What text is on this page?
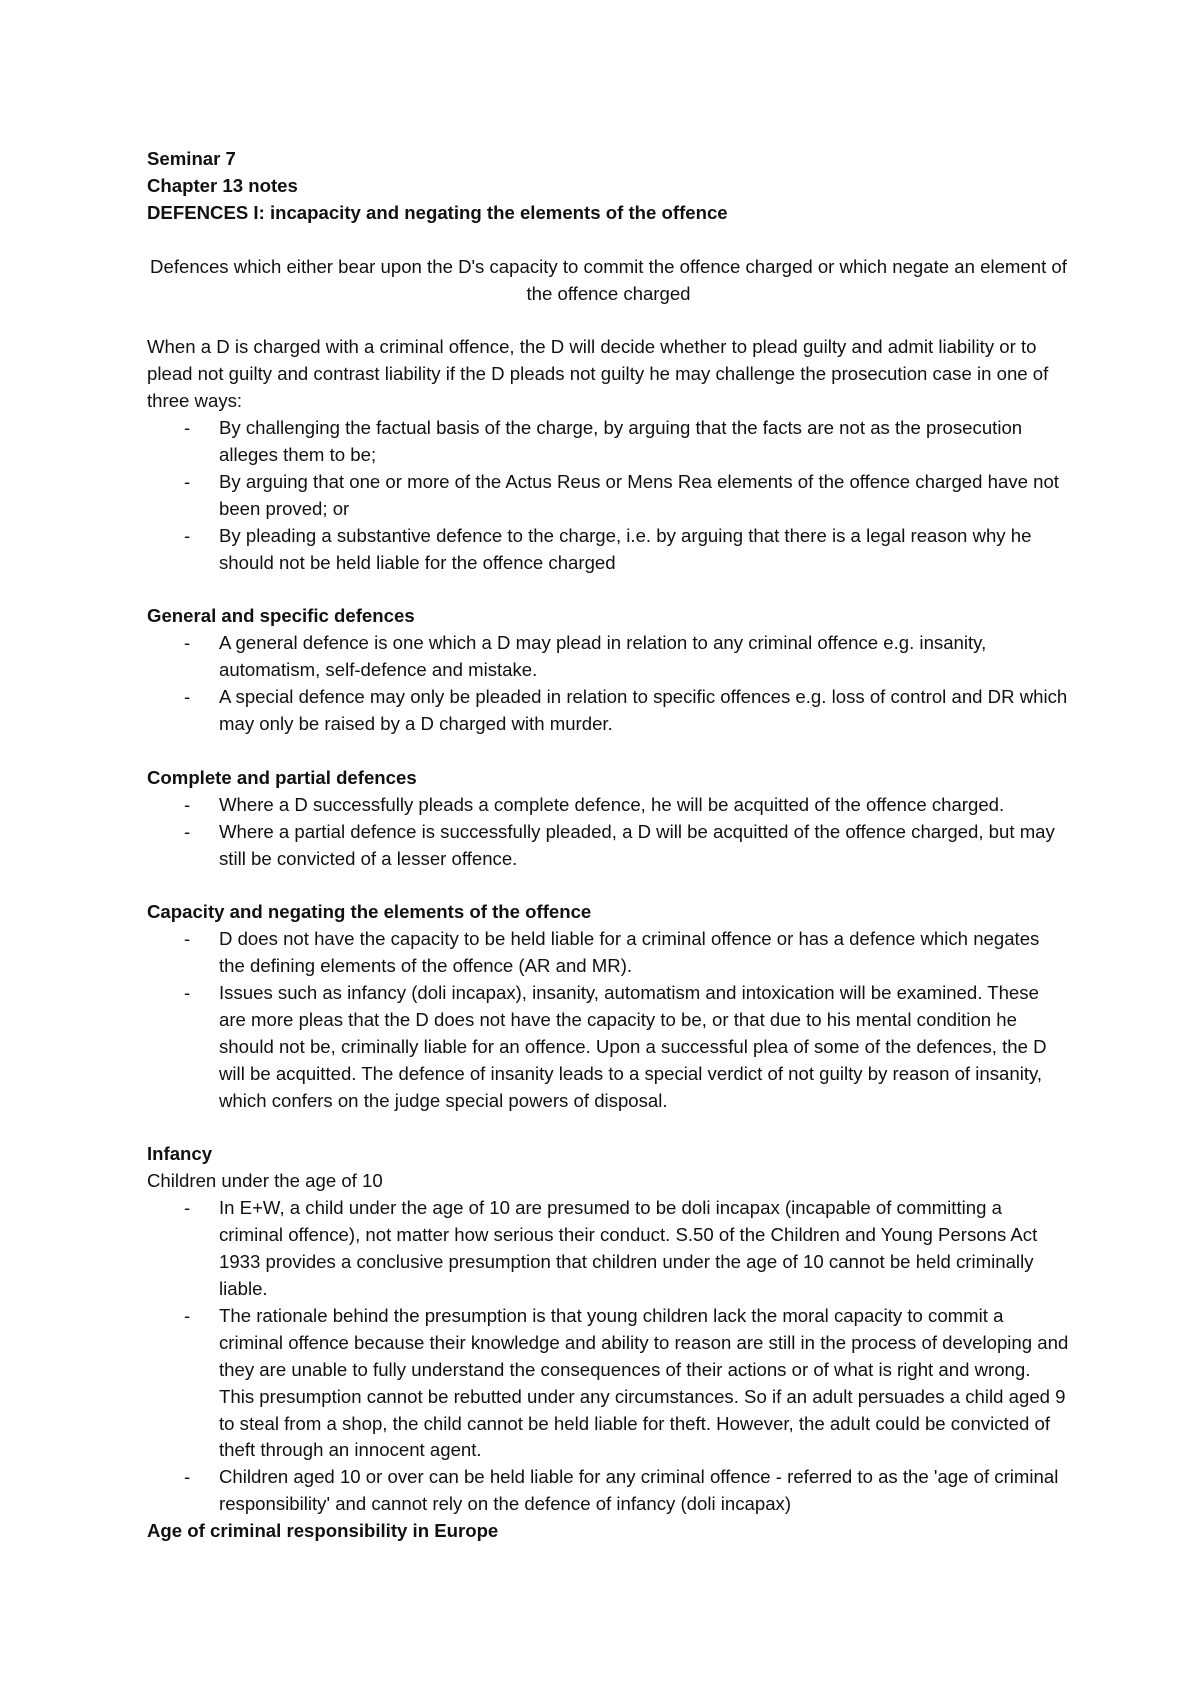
Seminar 7

Chapter 13 notes

DEFENCES I: incapacity and negating the elements of the offence

Defences which either bear upon the D's capacity to commit the offence charged or which negate an element of the offence charged

When a D is charged with a criminal offence, the D will decide whether to plead guilty and admit liability or to plead not guilty and contrast liability if the D pleads not guilty he may challenge the prosecution case in one of three ways:

- By challenging the factual basis of the charge, by arguing that the facts are not as the prosecution alleges them to be;
- By arguing that one or more of the Actus Reus or Mens Rea elements of the offence charged have not been proved; or
- By pleading a substantive defence to the charge, i.e. by arguing that there is a legal reason why he should not be held liable for the offence charged

General and specific defences

- A general defence is one which a D may plead in relation to any criminal offence e.g. insanity, automatism, self-defence and mistake.
- A special defence may only be pleaded in relation to specific offences e.g. loss of control and DR which may only be raised by a D charged with murder.

Complete and partial defences

- Where a D successfully pleads a complete defence, he will be acquitted of the offence charged.
- Where a partial defence is successfully pleaded, a D will be acquitted of the offence charged, but may still be convicted of a lesser offence.

Capacity and negating the elements of the offence

- D does not have the capacity to be held liable for a criminal offence or has a defence which negates the defining elements of the offence (AR and MR).
- Issues such as infancy (doli incapax), insanity, automatism and intoxication will be examined. These are more pleas that the D does not have the capacity to be, or that due to his mental condition he should not be, criminally liable for an offence. Upon a successful plea of some of the defences, the D will be acquitted. The defence of insanity leads to a special verdict of not guilty by reason of insanity, which confers on the judge special powers of disposal.

Infancy

Children under the age of 10

- In E+W, a child under the age of 10 are presumed to be doli incapax (incapable of committing a criminal offence), not matter how serious their conduct. S.50 of the Children and Young Persons Act 1933 provides a conclusive presumption that children under the age of 10 cannot be held criminally liable.
- The rationale behind the presumption is that young children lack the moral capacity to commit a criminal offence because their knowledge and ability to reason are still in the process of developing and they are unable to fully understand the consequences of their actions or of what is right and wrong. This presumption cannot be rebutted under any circumstances. So if an adult persuades a child aged 9 to steal from a shop, the child cannot be held liable for theft. However, the adult could be convicted of theft through an innocent agent.
- Children aged 10 or over can be held liable for any criminal offence - referred to as the 'age of criminal responsibility' and cannot rely on the defence of infancy (doli incapax)

Age of criminal responsibility in Europe
